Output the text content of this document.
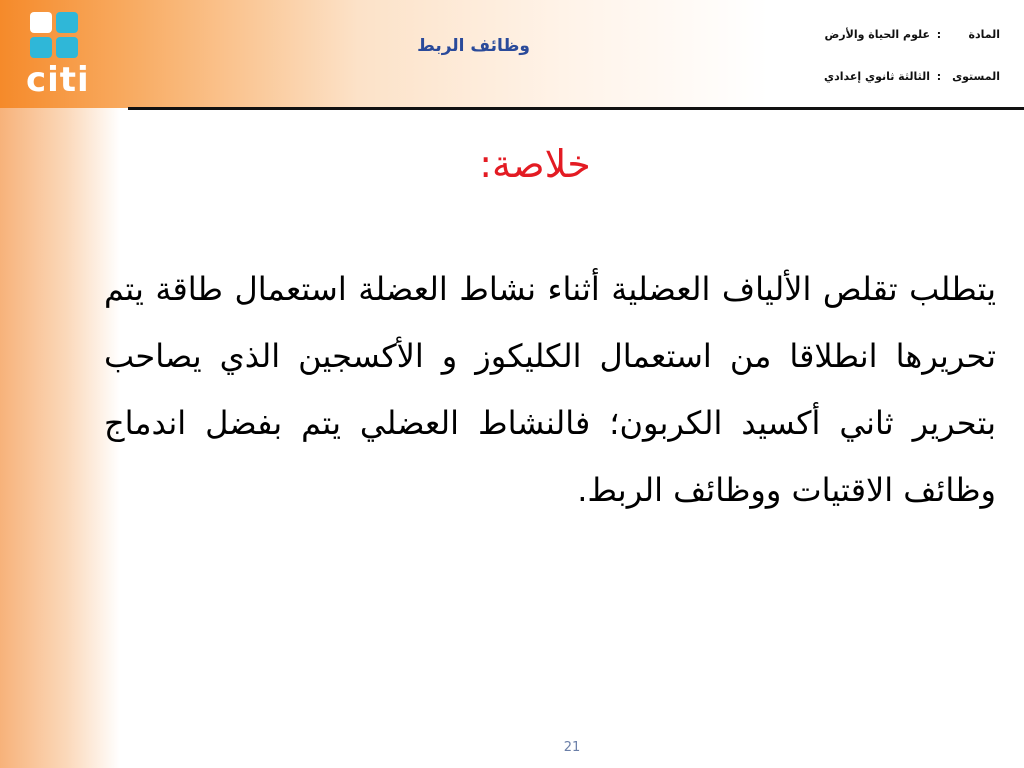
citi
وظائف الربط
المادة:علوم الحياة والأرض
المستوى:الثالثة ثانوي إعدادي
خلاصة:
يتطلب تقلص الألياف العضلية أثناء نشاط العضلة استعمال طاقة يتم تحريرها انطلاقا من استعمال الكليكوز و الأكسجين الذي يصاحب بتحرير ثاني أكسيد الكربون؛ فالنشاط العضلي يتم بفضل اندماج وظائف الاقتيات ووظائف الربط.
21
